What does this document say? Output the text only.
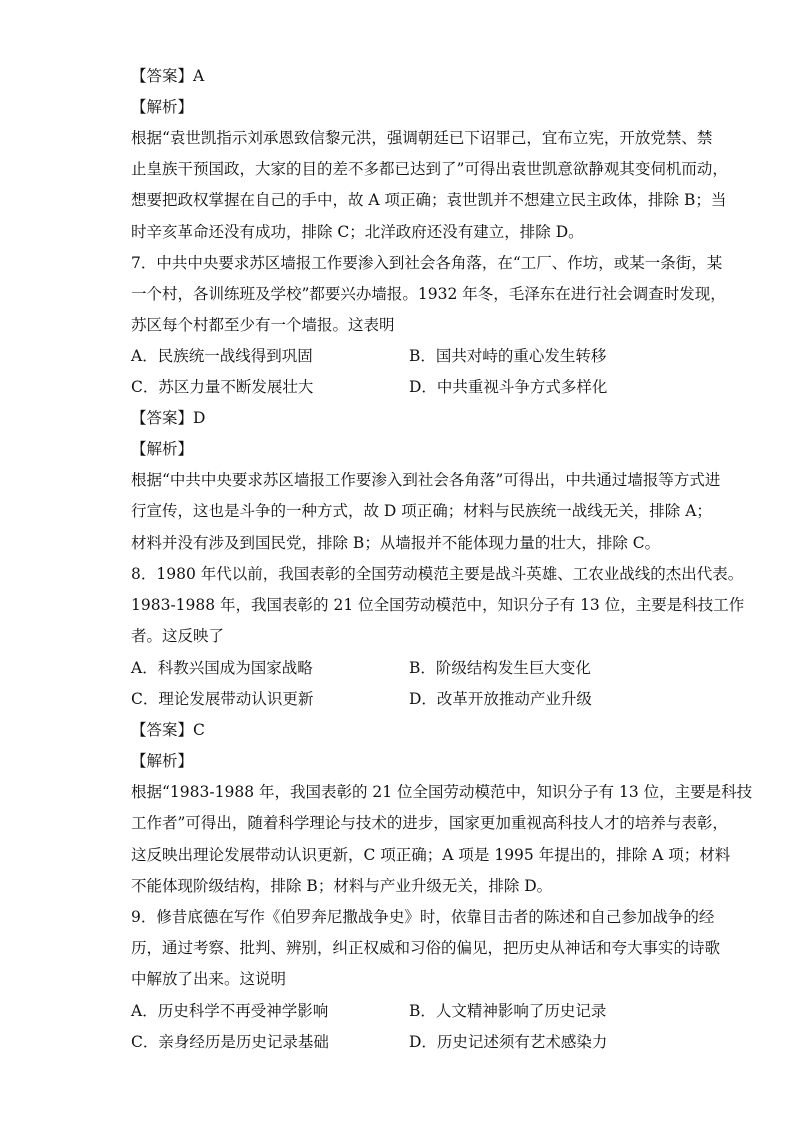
【答案】A
【解析】
根据“袁世凯指示刘承恩致信黎元洪，强调朝廷已下诏罪己，宜布立宪，开放党禁、禁
止皇族干预国政，大家的目的差不多都已达到了”可得出袁世凯意欲静观其变伺机而动，
想要把政权掌握在自己的手中，故 A 项正确；袁世凯并不想建立民主政体，排除 B；当
时辛亥革命还没有成功，排除 C；北洋政府还没有建立，排除 D。
7．中共中央要求苏区墙报工作要渗入到社会各角落，在“工厂、作坊，或某一条街，某
一个村，各训练班及学校”都要兴办墙报。1932 年冬，毛泽东在进行社会调查时发现，
苏区每个村都至少有一个墙报。这表明
A．民族统一战线得到巩固	B．国共对峙的重心发生转移
C．苏区力量不断发展壮大	D．中共重视斗争方式多样化
【答案】D
【解析】
根据“中共中央要求苏区墙报工作要渗入到社会各角落”可得出，中共通过墙报等方式进
行宣传，这也是斗争的一种方式，故 D 项正确；材料与民族统一战线无关，排除 A；
材料并没有涉及到国民党，排除 B；从墙报并不能体现力量的壮大，排除 C。
8．1980 年代以前，我国表彰的全国劳动模范主要是战斗英雄、工农业战线的杰出代表。
1983-1988 年，我国表彰的 21 位全国劳动模范中，知识分子有 13 位，主要是科技工作
者。这反映了
A．科教兴国成为国家战略	B．阶级结构发生巨大变化
C．理论发展带动认识更新	D．改革开放推动产业升级
【答案】C
【解析】
根据“1983-1988 年，我国表彰的 21 位全国劳动模范中，知识分子有 13 位，主要是科技
工作者”可得出，随着科学理论与技术的进步，国家更加重视高科技人才的培养与表彰，
这反映出理论发展带动认识更新，C 项正确；A 项是 1995 年提出的，排除 A 项；材料
不能体现阶级结构，排除 B；材料与产业升级无关，排除 D。
9．修昔底德在写作《伯罗奔尼撒战争史》时，依靠目击者的陈述和自己参加战争的经
历，通过考察、批判、辨别，纠正权威和习俗的偏见，把历史从神话和夸大事实的诗歌
中解放了出来。这说明
A．历史科学不再受神学影响	B．人文精神影响了历史记录
C．亲身经历是历史记录基础	D．历史记述须有艺术感染力
